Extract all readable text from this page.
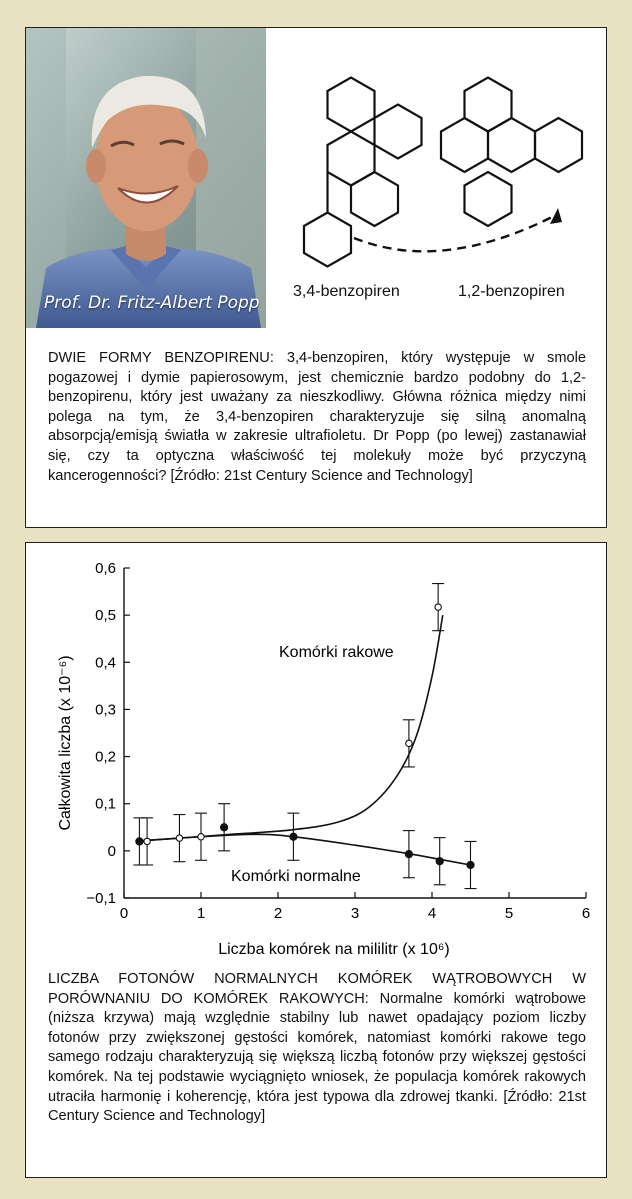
Prof. Dr. Fritz-Albert Popp
3,4-benzopiren	1,2-benzopiren
DWIE FORMY BENZOPIRENU: 3,4-benzopiren, który występuje w smole pogazowej i dymie papierosowym, jest chemicznie bardzo podobny do 1,2-benzopirenu, który jest uważany za nieszkodliwy. Główna różnica między nimi polega na tym, że 3,4-benzopiren charakteryzuje się silną anomalną absorpcją/emisją światła w zakresie ultrafioletu. Dr Popp (po lewej) zastanawiał się, czy ta optyczna właściwość tej molekuły może być przyczyną kancerogenności? [Źródło: 21st Century Science and Technology]
0	1	2	3	4	5	6
−0,1
0
0,1
0,2
0,3
0,4
0,5
0,6
Całkowita liczba (x 10⁻⁶)
Liczba komórek na mililitr (x 10⁶)
Komórki rakowe
Komórki normalne
LICZBA FOTONÓW NORMALNYCH KOMÓREK WĄTROBOWYCH W PORÓWNANIU DO KOMÓREK RAKOWYCH: Normalne komórki wątrobowe (niższa krzywa) mają względnie stabilny lub nawet opadający poziom liczby fotonów przy zwiększonej gęstości komórek, natomiast komórki rakowe tego samego rodzaju charakteryzują się większą liczbą fotonów przy większej gęstości komórek. Na tej podstawie wyciągnięto wniosek, że populacja komórek rakowych utraciła harmonię i koherencję, która jest typowa dla zdrowej tkanki. [Źródło: 21st Century Science and Technology]
